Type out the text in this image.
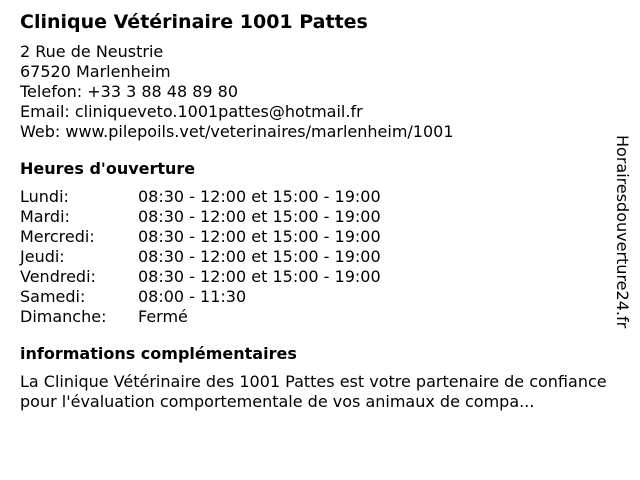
Clinique Vétérinaire 1001 Pattes
2 Rue de Neustrie
67520 Marlenheim
Telefon: +33 3 88 48 89 80
Email: cliniqueveto.1001pattes@hotmail.fr
Web: www.pilepoils.vet/veterinaires/marlenheim/1001
Heures d'ouverture
Lundi:	08:30 - 12:00 et 15:00 - 19:00
Mardi:	08:30 - 12:00 et 15:00 - 19:00
Mercredi:	08:30 - 12:00 et 15:00 - 19:00
Jeudi:	08:30 - 12:00 et 15:00 - 19:00
Vendredi:	08:30 - 12:00 et 15:00 - 19:00
Samedi:	08:00 - 11:30
Dimanche:	Fermé
informations complémentaires

La Clinique Vétérinaire des 1001 Pattes est votre partenaire de confiance pour l'évaluation comportementale de vos animaux de compa...

Horairesdouverture24.fr
